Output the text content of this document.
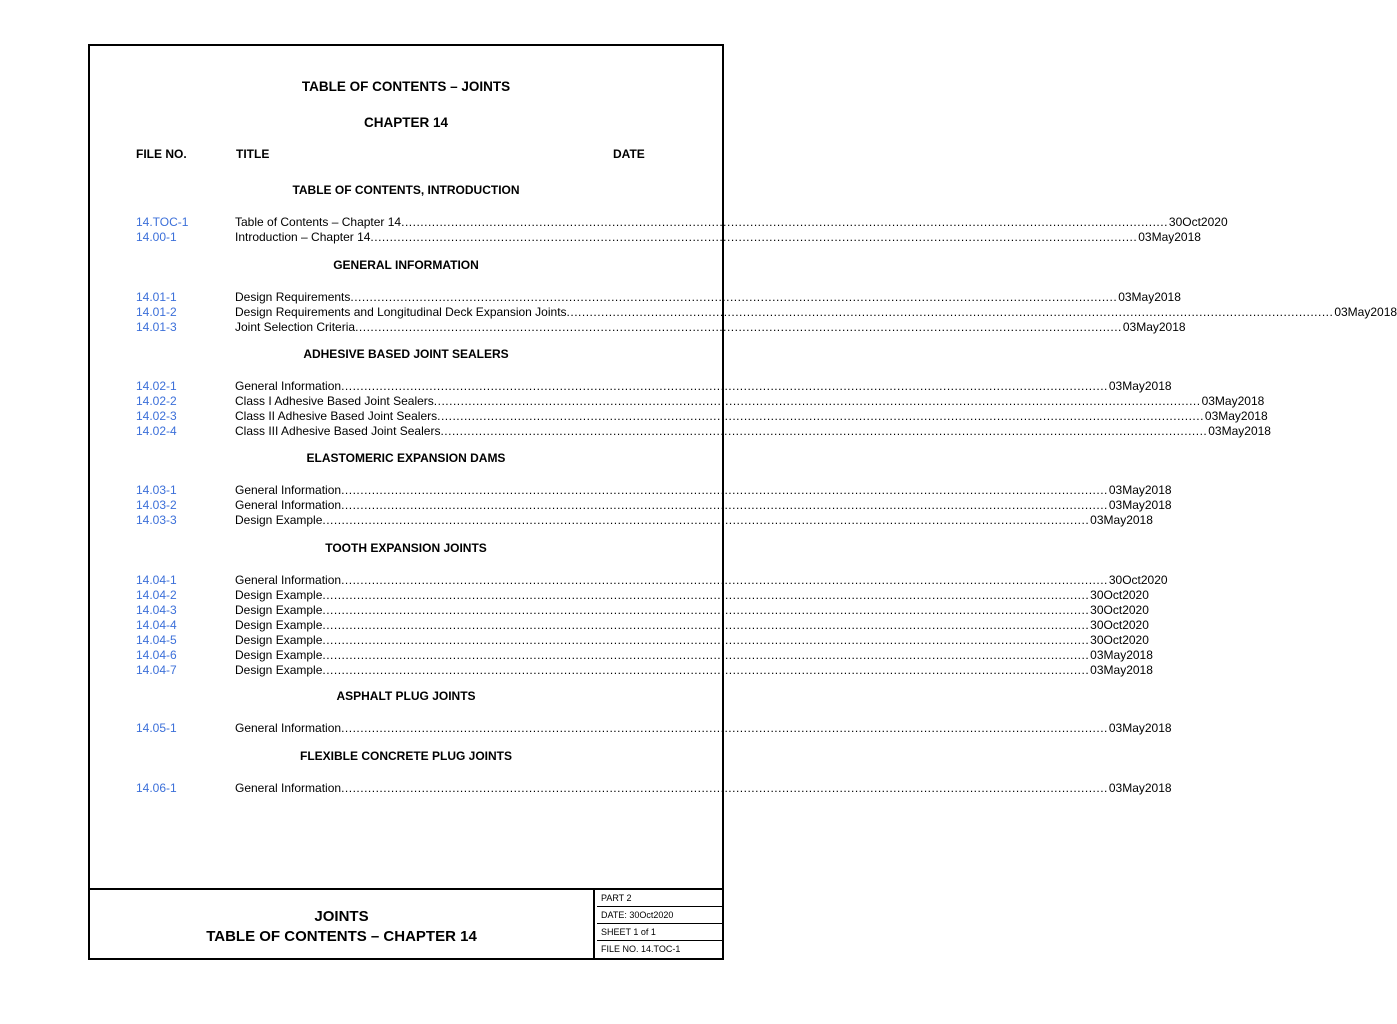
TABLE OF CONTENTS – JOINTS
CHAPTER 14
FILE NO.	TITLE	DATE
TABLE OF CONTENTS, INTRODUCTION
14.TOC-1	Table of Contents – Chapter 14 ........................................................................................................................................................................................................ 30Oct2020
14.00-1	Introduction – Chapter 14 ........................................................................................................................................................................................................ 03May2018
GENERAL INFORMATION
14.01-1	Design Requirements ........................................................................................................................................................................................................ 03May2018
14.01-2	Design Requirements and Longitudinal Deck Expansion Joints ........................................................................................................................................................................................................ 03May2018
14.01-3	Joint Selection Criteria ........................................................................................................................................................................................................ 03May2018
ADHESIVE BASED JOINT SEALERS
14.02-1	General Information ........................................................................................................................................................................................................ 03May2018
14.02-2	Class I Adhesive Based Joint Sealers ........................................................................................................................................................................................................ 03May2018
14.02-3	Class II Adhesive Based Joint Sealers ........................................................................................................................................................................................................ 03May2018
14.02-4	Class III Adhesive Based Joint Sealers ........................................................................................................................................................................................................ 03May2018
ELASTOMERIC EXPANSION DAMS
14.03-1	General Information ........................................................................................................................................................................................................ 03May2018
14.03-2	General Information ........................................................................................................................................................................................................ 03May2018
14.03-3	Design Example ........................................................................................................................................................................................................ 03May2018
TOOTH EXPANSION JOINTS
14.04-1	General Information ........................................................................................................................................................................................................ 30Oct2020
14.04-2	Design Example ........................................................................................................................................................................................................ 30Oct2020
14.04-3	Design Example ........................................................................................................................................................................................................ 30Oct2020
14.04-4	Design Example ........................................................................................................................................................................................................ 30Oct2020
14.04-5	Design Example ........................................................................................................................................................................................................ 30Oct2020
14.04-6	Design Example ........................................................................................................................................................................................................ 03May2018
14.04-7	Design Example ........................................................................................................................................................................................................ 03May2018
ASPHALT PLUG JOINTS
14.05-1	General Information ........................................................................................................................................................................................................ 03May2018
FLEXIBLE CONCRETE PLUG JOINTS
14.06-1	General Information ........................................................................................................................................................................................................ 03May2018
JOINTS
TABLE OF CONTENTS – CHAPTER 14
PART 2
DATE: 30Oct2020
SHEET 1 of 1
FILE NO. 14.TOC-1
